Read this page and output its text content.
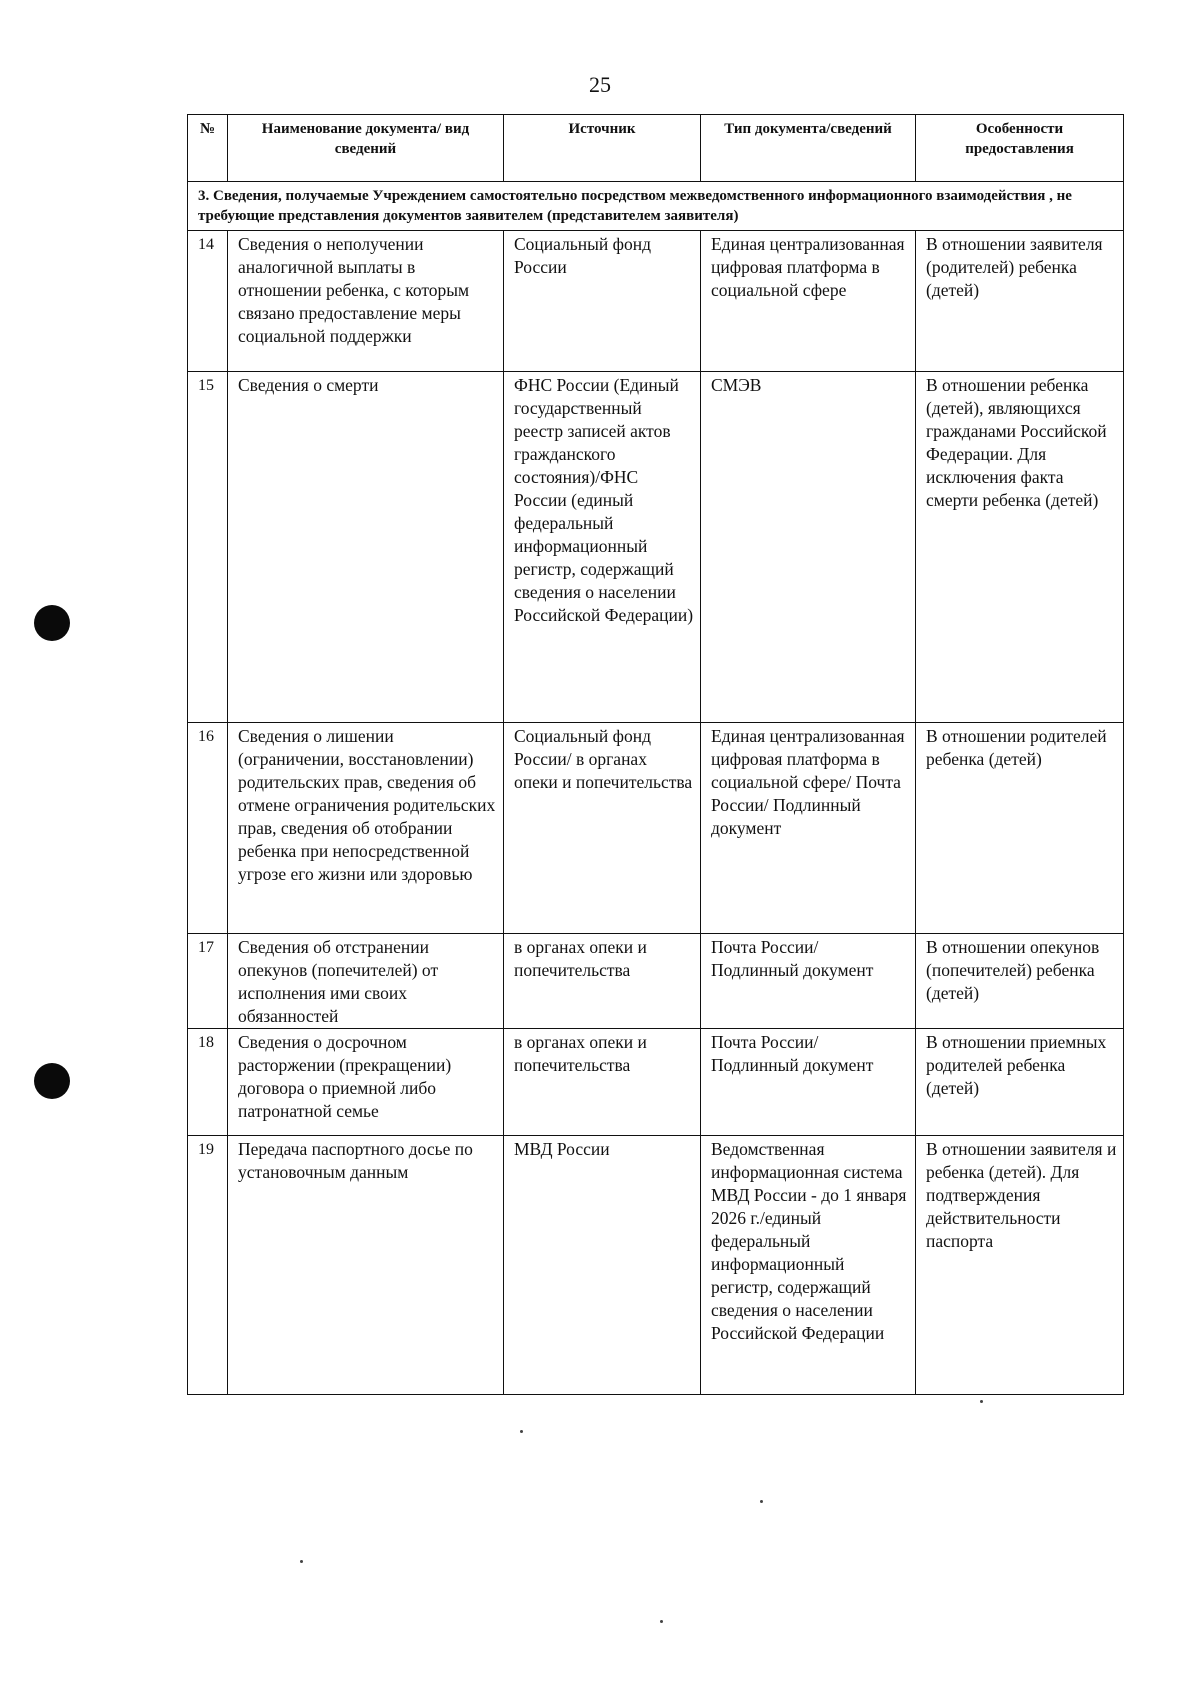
25
№	Наименование документа/ вид сведений	Источник	Тип документа/сведений	Особенности предоставления
3. Сведения, получаемые Учреждением самостоятельно посредством межведомственного информационного взаимодействия , не требующие представления документов заявителем (представителем заявителя)				
14	Сведения о неполучении аналогичной выплаты в отношении ребенка, с которым связано предоставление меры социальной поддержки	Социальный фонд России	Единая централизованная цифровая платформа в социальной сфере	В отношении заявителя (родителей) ребенка (детей)
15	Сведения о смерти	ФНС России (Единый государственный реестр записей актов гражданского состояния)/ФНС России (единый федеральный информационный регистр, содержащий сведения о населении Российской Федерации)	СМЭВ	В отношении ребенка (детей), являющихся гражданами Российской Федерации. Для исключения факта смерти ребенка (детей)
16	Сведения о лишении (ограничении, восстановлении) родительских прав, сведения об отмене ограничения родительских прав, сведения об отобрании ребенка при непосредственной угрозе его жизни или здоровью	Социальный фонд России/ в органах опеки и попечительства	Единая централизованная цифровая платформа в социальной сфере/ Почта России/ Подлинный документ	В отношении родителей ребенка (детей)
17	Сведения об отстранении опекунов (попечителей) от исполнения ими своих обязанностей	в органах опеки и попечительства	Почта России/ Подлинный документ	В отношении опекунов (попечителей) ребенка (детей)
18	Сведения о досрочном расторжении (прекращении) договора о приемной либо патронатной семье	в органах опеки и попечительства	Почта России/ Подлинный документ	В отношении приемных родителей ребенка (детей)
19	Передача паспортного досье по установочным данным	МВД России	Ведомственная информационная система МВД России - до 1 января 2026 г./единый федеральный информационный регистр, содержащий сведения о населении Российской Федерации	В отношении заявителя и ребенка (детей). Для подтверждения действительности паспорта
